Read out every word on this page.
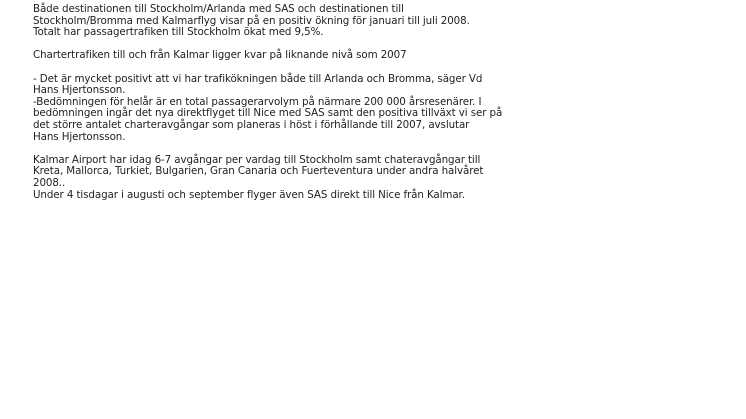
Både destinationen till Stockholm/Arlanda med SAS och destinationen till
Stockholm/Bromma med Kalmarflyg visar på en positiv ökning för januari till juli 2008.
Totalt har passagertrafiken till Stockholm ökat med 9,5%.

Chartertrafiken till och från Kalmar ligger kvar på liknande nivå som 2007

- Det är mycket positivt att vi har trafikökningen både till Arlanda och Bromma, säger Vd
Hans Hjertonsson.
-Bedömningen för helår är en total passagerarvolym på närmare 200 000 årsresenärer. I
bedömningen ingår det nya direktflyget till Nice med SAS samt den positiva tillväxt vi ser på
det större antalet charteravgångar som planeras i höst i förhållande till 2007, avslutar
Hans Hjertonsson.

Kalmar Airport har idag 6-7 avgångar per vardag till Stockholm samt chateravgångar till
Kreta, Mallorca, Turkiet, Bulgarien, Gran Canaria och Fuerteventura under andra halvåret
2008..
Under 4 tisdagar i augusti och september flyger även SAS direkt till Nice från Kalmar.
